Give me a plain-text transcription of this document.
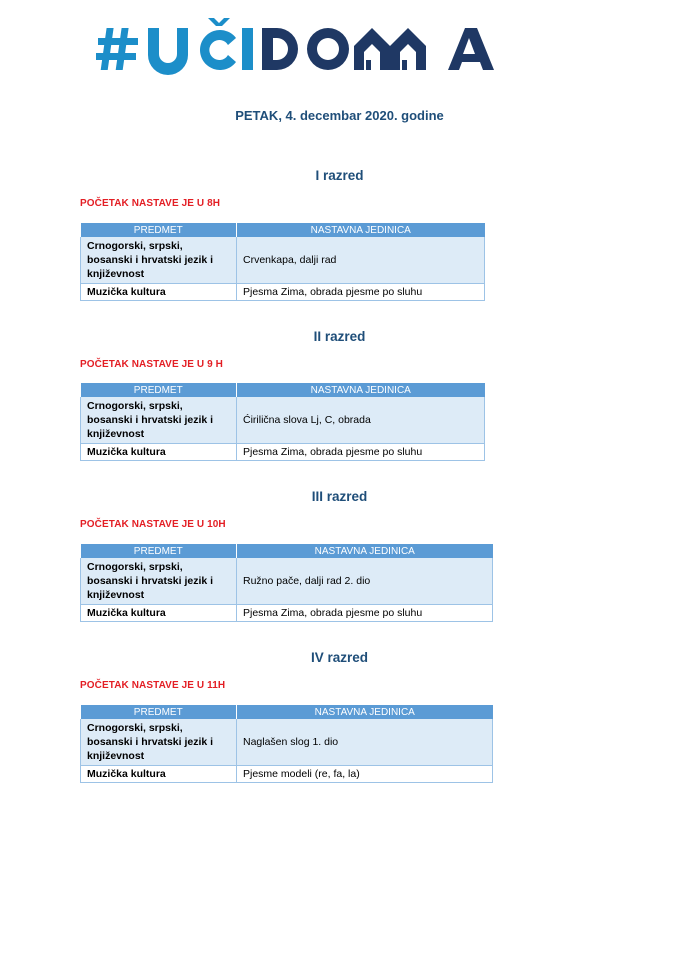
PETAK, 4. decembar 2020. godine
I razred
POČETAK NASTAVE JE U 8H
PREDMET	NASTAVNA JEDINICA
Crnogorski, srpski, bosanski i hrvatski jezik i književnost	Crvenkapa, dalji rad
Muzička kultura	Pjesma Zima, obrada pjesme po sluhu
II razred
POČETAK NASTAVE JE U 9 H
PREDMET	NASTAVNA JEDINICA
Crnogorski, srpski, bosanski i hrvatski jezik i književnost	Ćirilična slova Lj, C, obrada
Muzička kultura	Pjesma Zima, obrada pjesme po sluhu
III razred
POČETAK NASTAVE JE U 10H
PREDMET	NASTAVNA JEDINICA
Crnogorski, srpski, bosanski i hrvatski jezik i književnost	Ružno pače, dalji rad 2. dio
Muzička kultura	Pjesma Zima, obrada pjesme po sluhu
IV razred
POČETAK NASTAVE JE U 11H
PREDMET	NASTAVNA JEDINICA
Crnogorski, srpski, bosanski i hrvatski jezik i književnost	Naglašen slog 1. dio
Muzička kultura	Pjesme modeli (re, fa, la)
